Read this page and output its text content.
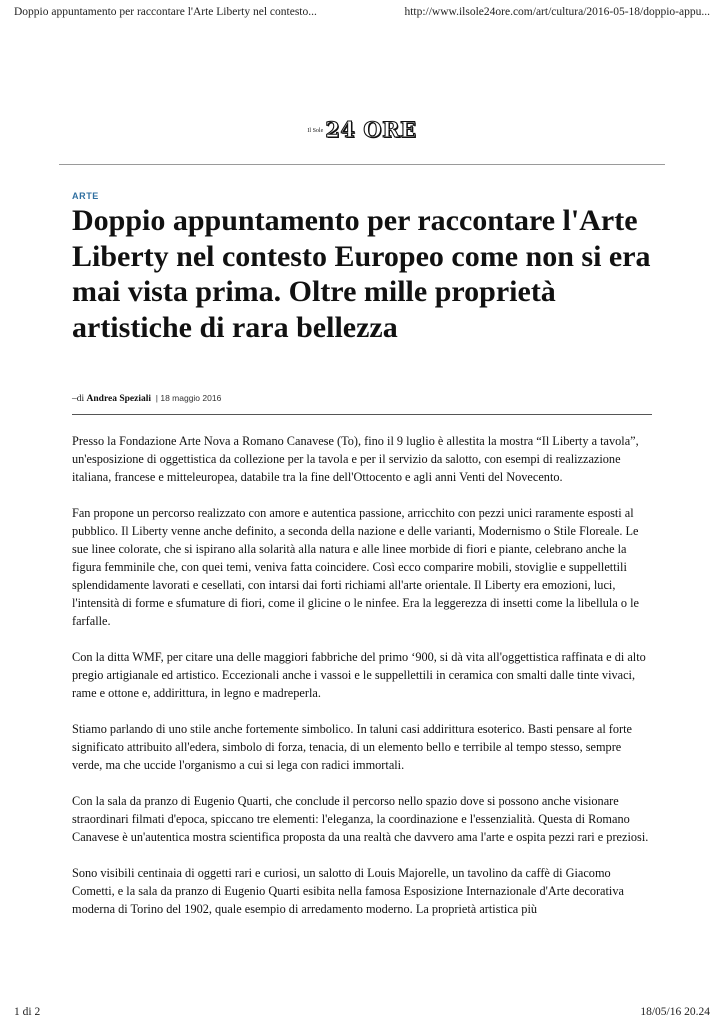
Doppio appuntamento per raccontare l'Arte Liberty nel contesto...	http://www.ilsole24ore.com/art/cultura/2016-05-18/doppio-appu...
Il Sole 24 ORE
ARTE
Doppio appuntamento per raccontare l'Arte Liberty nel contesto Europeo come non si era mai vista prima. Oltre mille proprietà artistiche di rara bellezza
–di Andrea Speziali | 18 maggio 2016

Presso la Fondazione Arte Nova a Romano Canavese (To), fino il 9 luglio è allestita la mostra “Il Liberty a tavola”, un'esposizione di oggettistica da collezione per la tavola e per il servizio da salotto, con esempi di realizzazione italiana, francese e mitteleuropea, databile tra la fine dell'Ottocento e agli anni Venti del Novecento.

Fan propone un percorso realizzato con amore e autentica passione, arricchito con pezzi unici raramente esposti al pubblico. Il Liberty venne anche definito, a seconda della nazione e delle varianti, Modernismo o Stile Floreale. Le sue linee colorate, che si ispirano alla solarità alla natura e alle linee morbide di fiori e piante, celebrano anche la figura femminile che, con quei temi, veniva fatta coincidere. Così ecco comparire mobili, stoviglie e suppellettili splendidamente lavorati e cesellati, con intarsi dai forti richiami all'arte orientale. Il Liberty era emozioni, luci, l'intensità di forme e sfumature di fiori, come il glicine o le ninfee. Era la leggerezza di insetti come la libellula o le farfalle.

Con la ditta WMF, per citare una delle maggiori fabbriche del primo ‘900, si dà vita all'oggettistica raffinata e di alto pregio artigianale ed artistico. Eccezionali anche i vassoi e le suppellettili in ceramica con smalti dalle tinte vivaci, rame e ottone e, addirittura, in legno e madreperla.

Stiamo parlando di uno stile anche fortemente simbolico. In taluni casi addirittura esoterico. Basti pensare al forte significato attribuito all'edera, simbolo di forza, tenacia, di un elemento bello e terribile al tempo stesso, sempre verde, ma che uccide l'organismo a cui si lega con radici immortali.

Con la sala da pranzo di Eugenio Quarti, che conclude il percorso nello spazio dove si possono anche visionare straordinari filmati d'epoca, spiccano tre elementi: l'eleganza, la coordinazione e l'essenzialità. Questa di Romano Canavese è un'autentica mostra scientifica proposta da una realtà che davvero ama l'arte e ospita pezzi rari e preziosi.

Sono visibili centinaia di oggetti rari e curiosi, un salotto di Louis Majorelle, un tavolino da caffè di Giacomo Cometti, e la sala da pranzo di Eugenio Quarti esibita nella famosa Esposizione Internazionale d'Arte decorativa moderna di Torino del 1902, quale esempio di arredamento moderno. La proprietà artistica più

1 di 2	18/05/16 20.24
